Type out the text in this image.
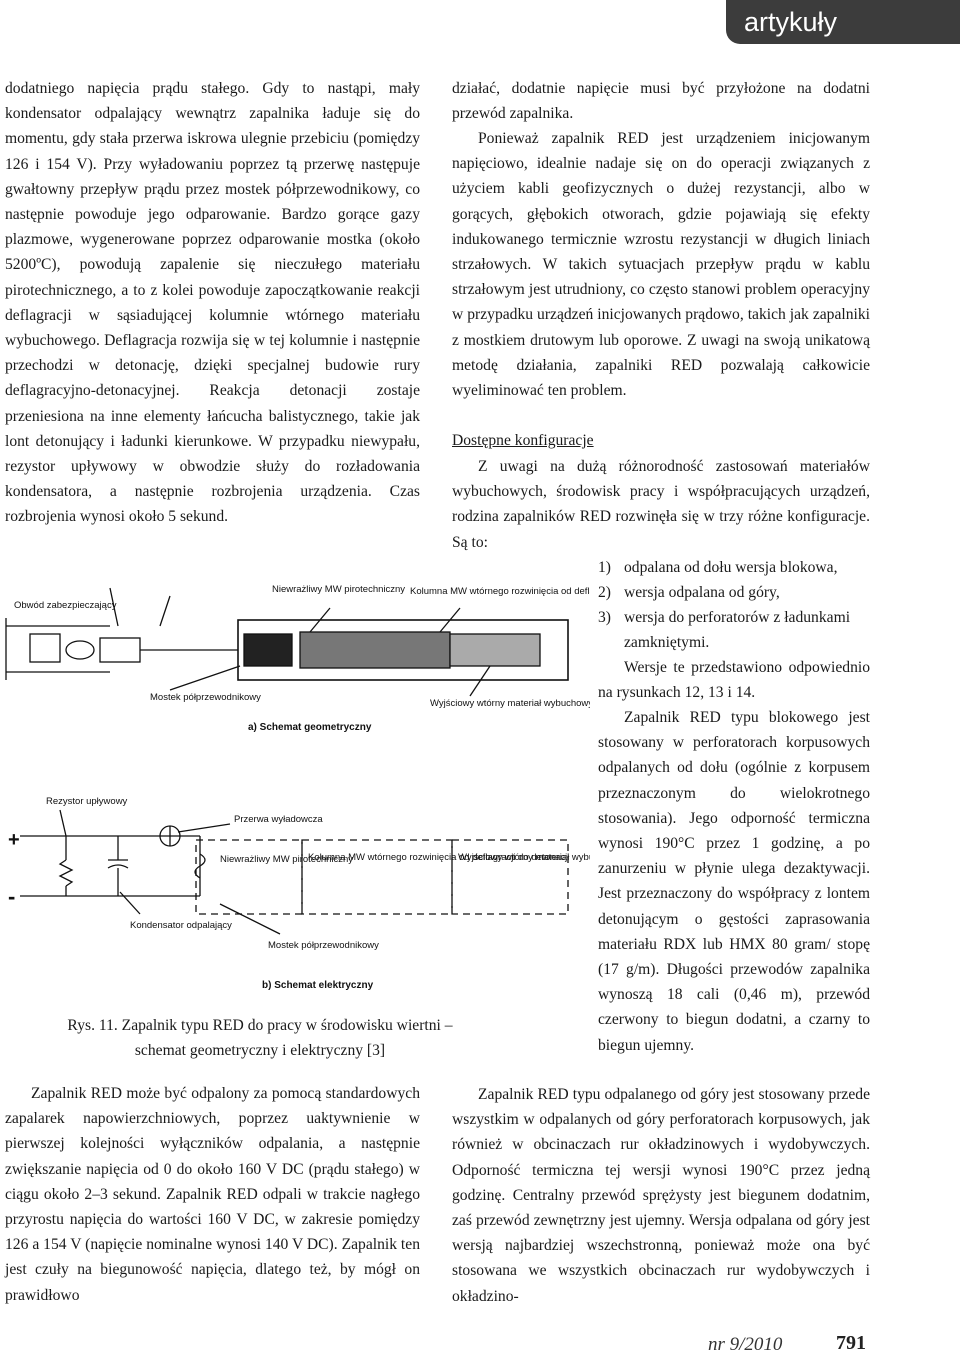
artykuły

dodatniego napięcia prądu stałego. Gdy to nastąpi, mały kondensator odpalający wewnątrz zapalnika ładuje się do momentu, gdy stała przerwa iskrowa ulegnie przebiciu (pomiędzy 126 i 154 V). Przy wyładowaniu poprzez tą przerwę następuje gwałtowny przepływ prądu przez mostek półprzewodnikowy, co następnie powoduje jego odparowanie. Bardzo gorące gazy plazmowe, wygenerowane poprzez odparowanie mostka (około 5200ºC), powodują zapalenie się nieczułego materiału pirotechnicznego, a to z kolei powoduje zapoczątkowanie reakcji deflagracji w sąsiadującej kolumnie wtórnego materiału wybuchowego. Deflagracja rozwija się w tej kolumnie i następnie przechodzi w detonację, dzięki specjalnej budowie rury deflagracyjno-detonacyjnej. Reakcja detonacji zostaje przeniesiona na inne elementy łańcucha balistycznego, takie jak lont detonujący i ładunki kierunkowe. W przypadku niewypału, rezystor upływowy w obwodzie służy do rozładowania kondensatora, a następnie rozbrojenia urządzenia. Czas rozbrojenia wynosi około 5 sekund.

Obwód zabezpieczający
Niewrażliwy MW pirotechniczny Kolumna MW wtórnego rozwinięcia od defl
Mostek półprzewodnikowy
Wyjściowy wtórny materiał wybuchowy
a) Schemat geometryczny
Rezystor upływowy
Przerwa wyładowcza
Niewrażliwy MW pirotechniczny
Kolumna MW wtórnego rozwinięcia od deflagracji do detonacji
Wyjściowy wtórny materiał wyb
Kondensator odpalający
Mostek półprzewodnikowy
b) Schemat elektryczny
+
-

Rys. 11. Zapalnik typu RED do pracy w środowisku wiertni – schemat geometryczny i elektryczny [3]

Zapalnik RED może być odpalony za pomocą standardowych zapalarek napowierzchniowych, poprzez uaktywnienie w pierwszej kolejności wyłączników odpalania, a następnie zwiększanie napięcia od 0 do około 160 V DC (prądu stałego) w ciągu około 2–3 sekund. Zapalnik RED odpali w trakcie nagłego przyrostu napięcia do wartości 160 V DC, w zakresie pomiędzy 126 a 154 V (napięcie nominalne wynosi 140 V DC). Zapalnik ten jest czuły na biegunowość napięcia, dlatego też, by mógł on prawidłowo

działać, dodatnie napięcie musi być przyłożone na dodatni przewód zapalnika.

Ponieważ zapalnik RED jest urządzeniem inicjowanym napięciowo, idealnie nadaje się on do operacji związanych z użyciem kabli geofizycznych o dużej rezystancji, albo w gorących, głębokich otworach, gdzie pojawiają się efekty indukowanego termicznie wzrostu rezystancji w długich liniach strzałowych. W takich sytuacjach przepływ prądu w kablu strzałowym jest utrudniony, co często stanowi problem operacyjny w przypadku urządzeń inicjowanych prądowo, takich jak zapalniki z mostkiem drutowym lub oporowe. Z uwagi na swoją unikatową metodę działania, zapalniki RED pozwalają całkowicie wyeliminować ten problem.

Dostępne konfiguracje

Z uwagi na dużą różnorodność zastosowań materiałów wybuchowych, środowisk pracy i współpracujących urządzeń, rodzina zapalników RED rozwinęła się w trzy różne konfiguracje. Są to:

1) odpalana od dołu wersja blokowa,
2) wersja odpalana od góry,
3) wersja do perforatorów z ładunkami zamkniętymi.

Wersje te przedstawiono odpowiednio na rysunkach 12, 13 i 14.

Zapalnik RED typu blokowego jest stosowany w perforatorach korpusowych odpalanych od dołu (ogólnie z korpusem przeznaczonym do wielokrotnego stosowania). Jego odporność termiczna wynosi 190°C przez 1 godzinę, a po zanurzeniu w płynie ulega dezaktywacji. Jest przeznaczony do współpracy z lontem detonującym o gęstości zaprasowania materiału RDX lub HMX 80 gram/ stopę (17 g/m). Długości przewodów zapalnika wynoszą 18 cali (0,46 m), przewód czerwony to biegun dodatni, a czarny to biegun ujemny.

Zapalnik RED typu odpalanego od góry jest stosowany przede wszystkim w odpalanych od góry perforatorach korpusowych, jak również w obcinaczach rur okładzinowych i wydobywczych. Odporność termiczna tej wersji wynosi 190°C przez jedną godzinę. Centralny przewód sprężysty jest biegunem dodatnim, zaś przewód zewnętrzny jest ujemny. Wersja odpalana od góry jest wersją najbardziej wszechstronną, ponieważ może ona być stosowana we wszystkich obcinaczach rur wydobywczych i okładzino-

nr 9/2010	791
